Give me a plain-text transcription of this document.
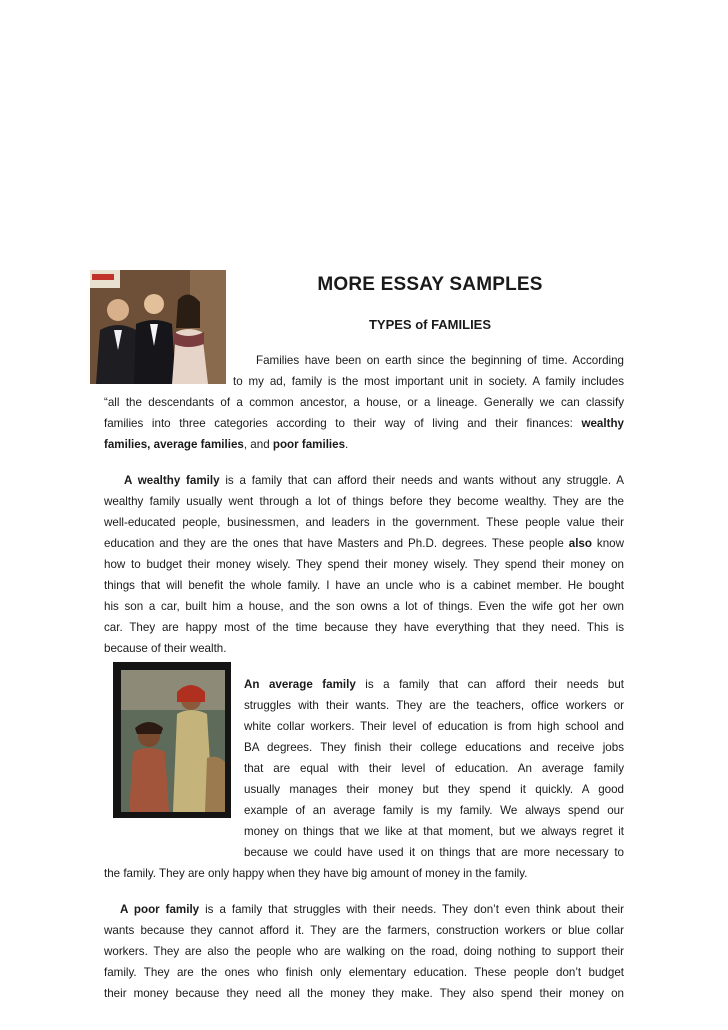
MORE ESSAY SAMPLES
TYPES of FAMILIES
Families have been on earth since the beginning of time. According
to my ad, family is the most important unit in society. A family includes
“all the descendants of a common ancestor, a house, or a lineage. Generally we can classify
families into three categories according to their way of living and their finances: wealthy
families, average families, and poor families.
A wealthy family is a family that can afford their needs and wants without any struggle. A
wealthy family usually went through a lot of things before they become wealthy. They are the
well-educated people, businessmen, and leaders in the government. These people value their
education and they are the ones that have Masters and Ph.D. degrees. These people also know
how to budget their money wisely. They spend their money wisely. They spend their money on
things that will benefit the whole family. I have an uncle who is a cabinet member. He bought
his son a car, built him a house, and the son owns a lot of things. Even the wife got her own
car. They are happy most of the time because they have everything that they need. This is
because of their wealth.
An average family is a family that can afford their needs but
struggles with their wants. They are the teachers, office workers or
white collar workers. Their level of education is from high school and
BA degrees. They finish their college educations and receive jobs
that are equal with their level of education. An average family
usually manages their money but they spend it quickly. A good
example of an average family is my family. We always spend our
money on things that we like at that moment, but we always regret it
because we could have used it on things that are more necessary to
the family. They are only happy when they have big amount of money in the family.
A poor family is a family that struggles with their needs. They don’t even think about their
wants because they cannot afford it. They are the farmers, construction workers or blue collar
workers. They are also the people who are walking on the road, doing nothing to support their
family. They are the ones who finish only elementary education. These people don’t budget
their money because they need all the money they make. They also spend their money on
